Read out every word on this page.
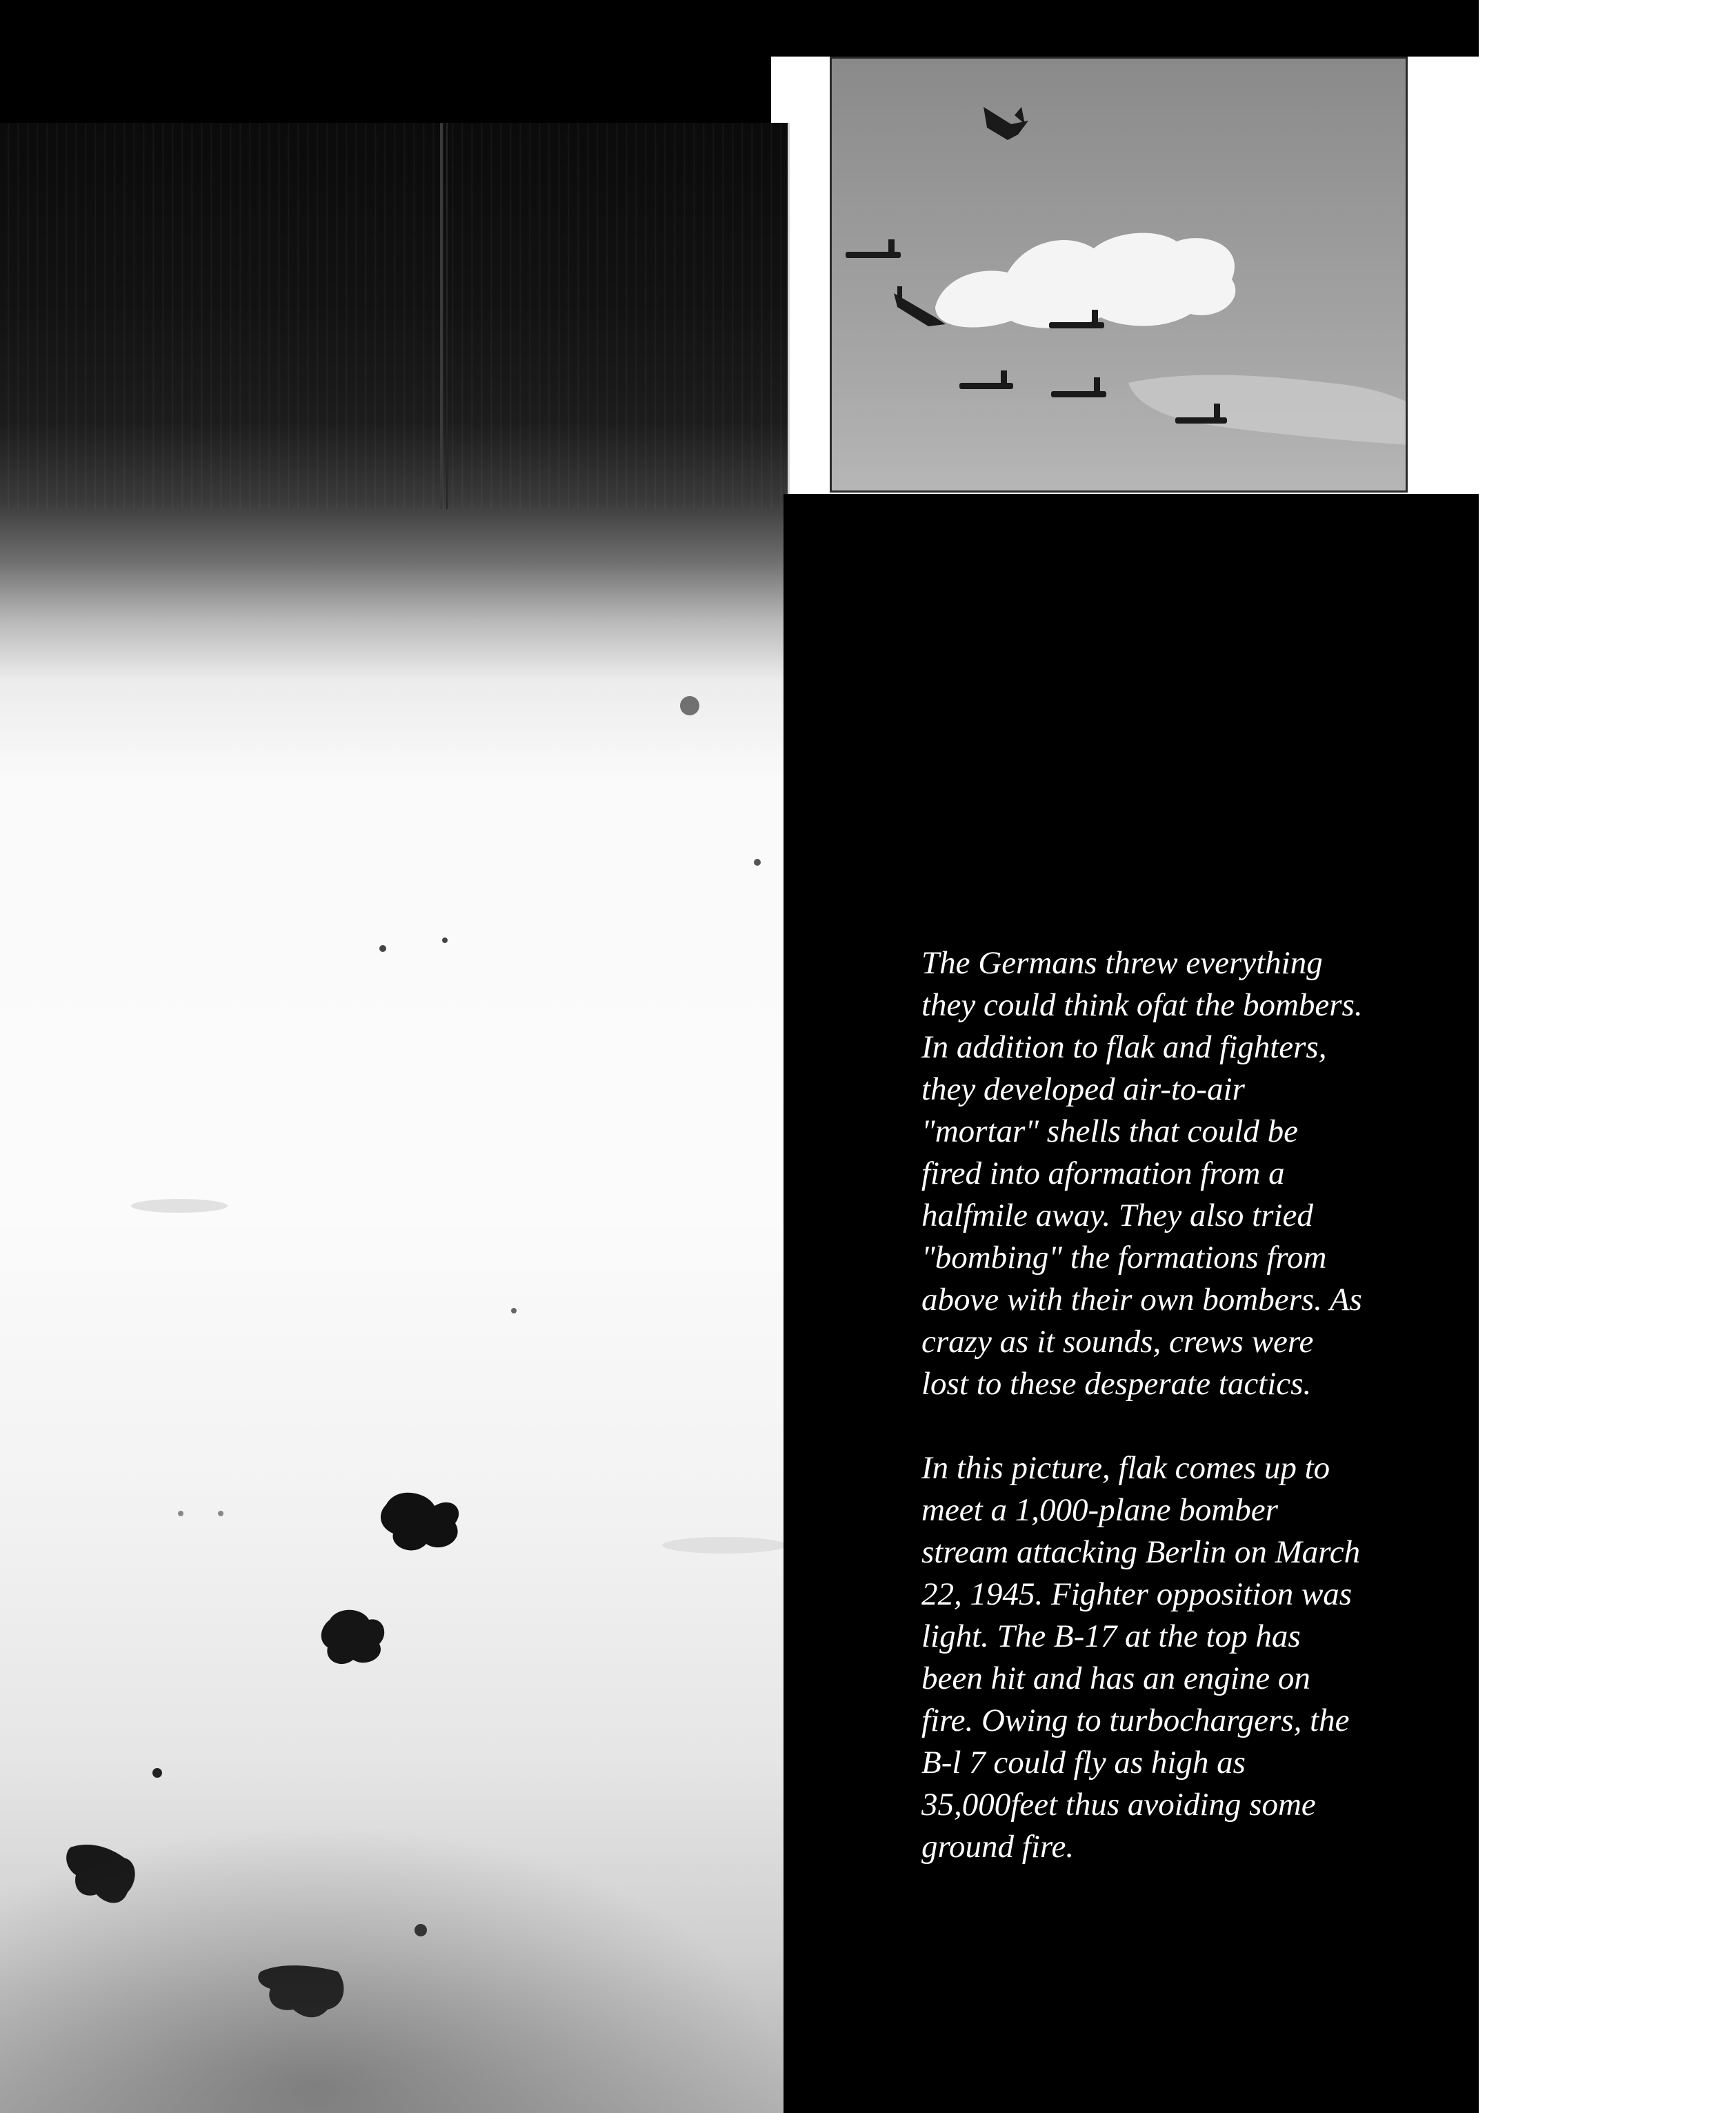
The Germans threw everything they could think ofat the bombers. In addition to flak and fighters, they developed air-to-air "mortar" shells that could be fired into aformation from a halfmile away. They also tried "bombing" the formations from above with their own bombers. As crazy as it sounds, crews were lost to these desperate tactics.

In this picture, flak comes up to meet a 1,000-plane bomber stream attacking Berlin on March 22, 1945. Fighter opposition was light. The B-17 at the top has been hit and has an engine on fire. Owing to turbochargers, the B-l 7 could fly as high as 35,000feet thus avoiding some ground fire.
